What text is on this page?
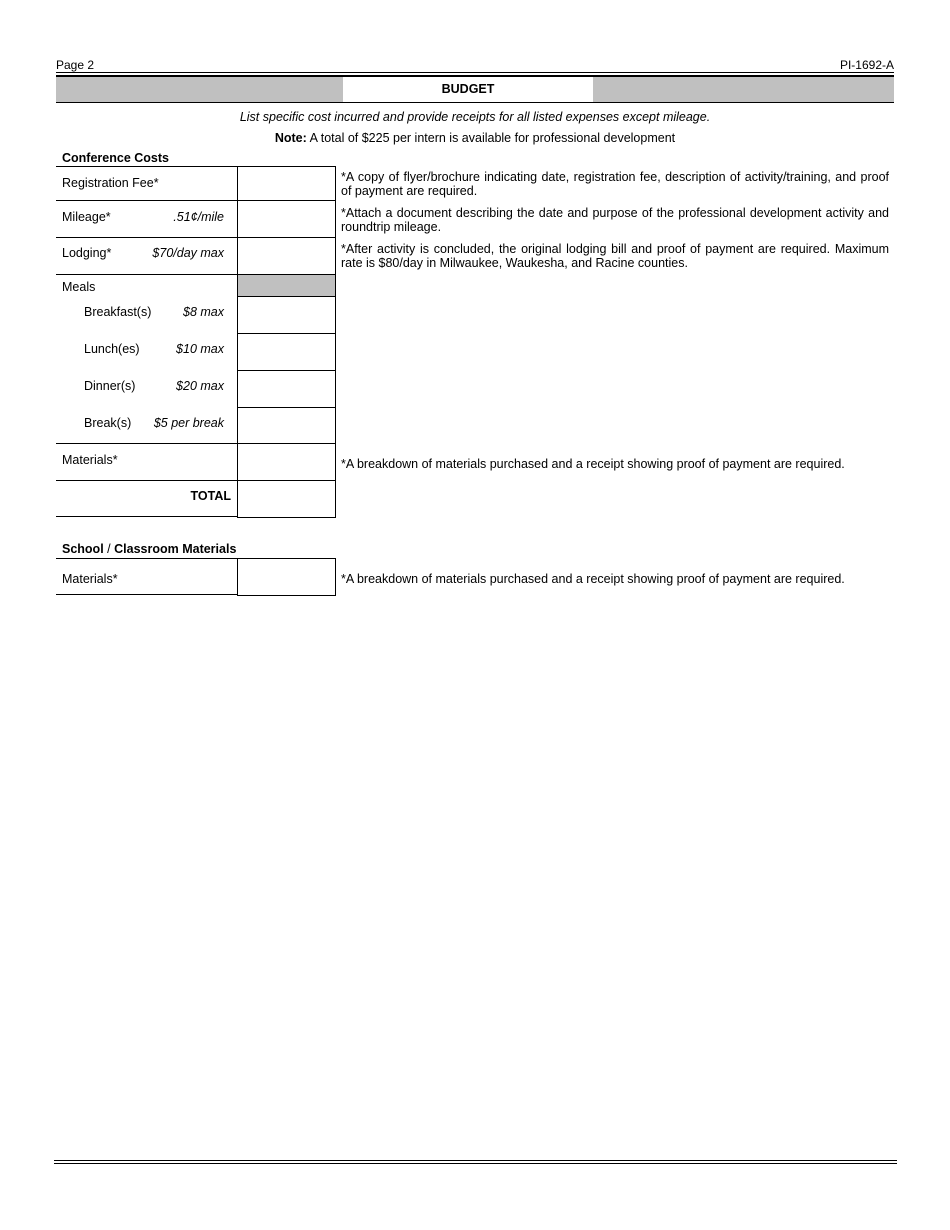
Page 2	PI-1692-A
BUDGET
List specific cost incurred and provide receipts for all listed expenses except mileage.
Note: A total of $225 per intern is available for professional development
Conference Costs
Registration Fee*	*A copy of flyer/brochure indicating date, registration fee, description of activity/training, and proof of payment are required.
Mileage*	.51¢/mile	*Attach a document describing the date and purpose of the professional development activity and roundtrip mileage.
Lodging*	$70/day max	*After activity is concluded, the original lodging bill and proof of payment are required. Maximum rate is $80/day in Milwaukee, Waukesha, and Racine counties.
Meals
Breakfast(s)	$8 max
Lunch(es)	$10 max
Dinner(s)	$20 max
Break(s)	$5 per break
Materials*	*A breakdown of materials purchased and a receipt showing proof of payment are required.
TOTAL
School / Classroom Materials
Materials*	*A breakdown of materials purchased and a receipt showing proof of payment are required.
